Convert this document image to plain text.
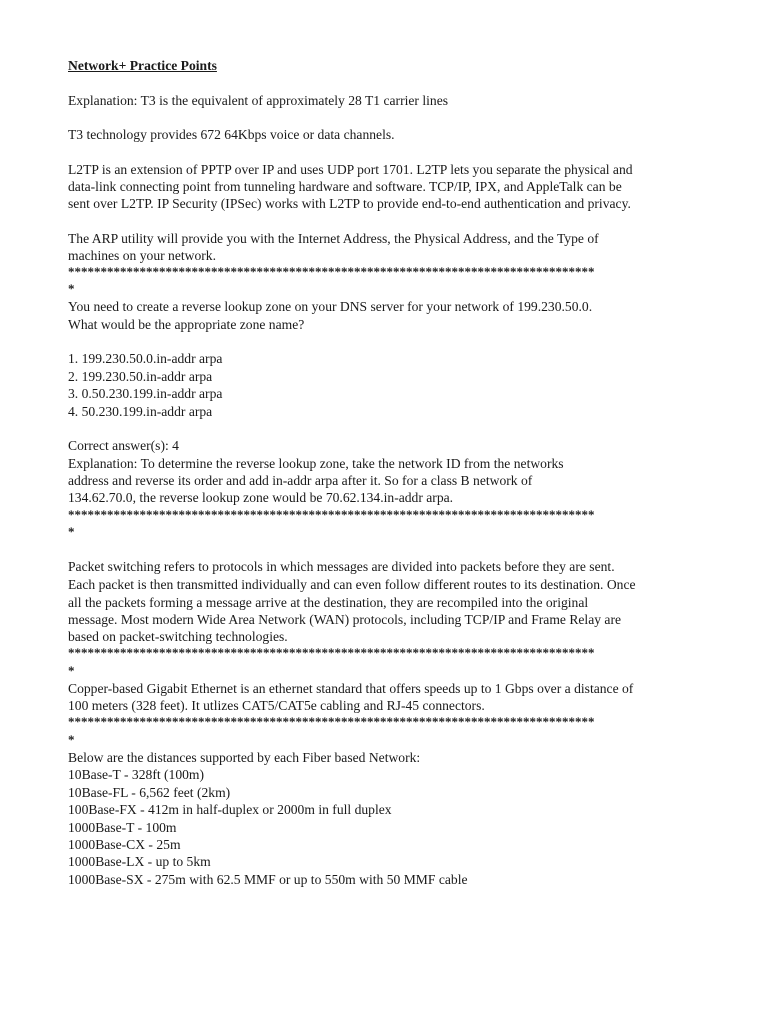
Network+ Practice Points
Explanation: T3 is the equivalent of approximately 28 T1 carrier lines
T3 technology provides 672 64Kbps voice or data channels.
L2TP is an extension of PPTP over IP and uses UDP port 1701. L2TP lets you separate the physical and
data-link connecting point from tunneling hardware and software. TCP/IP, IPX, and AppleTalk can be
sent over L2TP. IP Security (IPSec) works with L2TP to provide end-to-end authentication and privacy.
The ARP utility will provide you with the Internet Address, the Physical Address, and the Type of
machines on your network.
*********************************************************************************
*
You need to create a reverse lookup zone on your DNS server for your network of 199.230.50.0.
What would be the appropriate zone name?
1. 199.230.50.0.in-addr arpa
2. 199.230.50.in-addr arpa
3. 0.50.230.199.in-addr arpa
4. 50.230.199.in-addr arpa
Correct answer(s): 4
Explanation: To determine the reverse lookup zone, take the network ID from the networks
address and reverse its order and add in-addr arpa after it. So for a class B network of
134.62.70.0, the reverse lookup zone would be 70.62.134.in-addr arpa.
*********************************************************************************
*
Packet switching refers to protocols in which messages are divided into packets before they are sent.
Each packet is then transmitted individually and can even follow different routes to its destination. Once
all the packets forming a message arrive at the destination, they are recompiled into the original
message. Most modern Wide Area Network (WAN) protocols, including TCP/IP and Frame Relay are
based on packet-switching technologies.
*********************************************************************************
*
Copper-based Gigabit Ethernet is an ethernet standard that offers speeds up to 1 Gbps over a distance of
100 meters (328 feet). It utlizes CAT5/CAT5e cabling and RJ-45 connectors.
*********************************************************************************
*
Below are the distances supported by each Fiber based Network:
10Base-T - 328ft (100m)
10Base-FL - 6,562 feet (2km)
100Base-FX - 412m in half-duplex or 2000m in full duplex
1000Base-T - 100m
1000Base-CX - 25m
1000Base-LX - up to 5km
1000Base-SX - 275m with 62.5 MMF or up to 550m with 50 MMF cable
